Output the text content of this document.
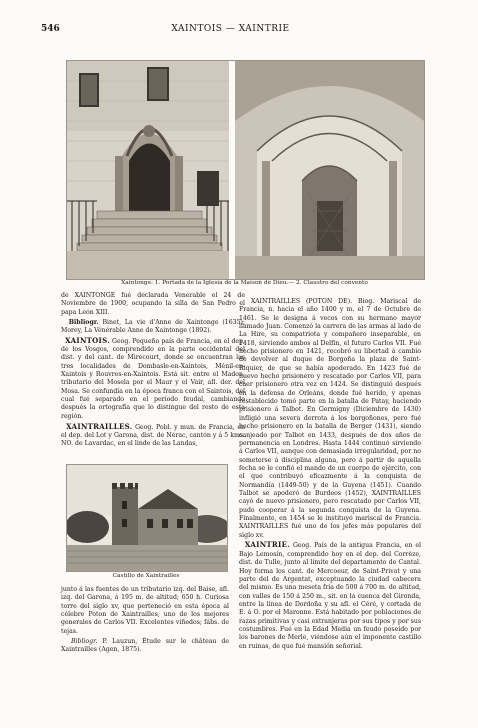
546	XAINTOIS — XAINTRIE
Xaintonge: 1. Portada de la Iglesia de la Maison de Dieu.— 2. Claustro del convento

de XAINTONGE fué declarada Venerable el 24 de Noviembre de 1900, ocupando la silla de San Pedro el papa León XIII.

Bibliogr. Binet, La vie d'Anne de Xaintonge (1635); Morey, La Vénérable Anne de Xaintonge (1892).

XAINTOIS. Geog. Pequeño país de Francia, en el dep. de los Vosgos, comprendido en la parte occidental del dist. y del cant. de Mirecourt, donde se encuentran las tres localidades de Dombasle-en-Xaintois, Ménil-en-Xaintois y Rouvres-en-Xaintois. Está sit. entre el Madon, tributario del Mosela por el Maur y el Vair, afl. der. del Mosa. Se confundía en la época franca con el Saintois, del cual fué separado en el período feudal, cambiando después la ortografía que lo distingue del resto de esta región.

XAINTRAILLES. Geog. Pobl. y mun. de Francia, en el dep. del Lot y Garona, dist. de Nérac, cantón y á 5 kms. NO. de Lavardac, en el linde de las Landas,

Castillo de Xaintrailles

junto á las fuentes de un tributario izq. del Baise, afl. izq. del Garona, á 195 m. de altitud; 650 h. Curiosa torre del siglo xv, que perteneció en esta época al célebre Poton de Xaintrailles, uno de los mejores generales de Carlos VII. Excelentes viñedos; fábs. de tejas.

Bibliogr. P. Lauzun, Étude sur le château de Xaintrailles (Agen, 1875).

XAINTRAILLES (POTON DE). Biog. Mariscal de Francia, n. hacia el año 1400 y m. el 7 de Octubre de 1461. Se le designa á veces con su hermano mayor llamado Juan. Comenzó la carrera de las armas al lado de La Hire, su compatriota y compañero inseparable, en 1418, sirviendo ambos al Delfín, el futuro Carlos VII. Fué hecho prisionero en 1421, recobró su libertad á cambio de devolver al duque de Borgoña la plaza de Saint-Riquier, de que se había apoderado. En 1423 fué de nuevo hecho prisionero y rescatado por Carlos VII, para caer prisionero otra vez en 1424. Se distinguió después en la defensa de Orleáns, donde fué herido, y apenas restablecido tomó parte en la batalla de Patay, haciendo prisionero á Talbot. En Germigny (Diciembre de 1430) infligió una severa derrota á los borgoñones, pero fué hecho prisionero en la batalla de Berger (1431), siendo canjeado por Talbot en 1433, después de dos años de permanencia en Londres. Hasta 1444 continuó sirviendo á Carlos VII, aunque con demasiada irregularidad, por no someterse á disciplina alguna, pero á partir de aquella fecha se le confió el mando de un cuerpo de ejército, con el que contribuyó eficazmente á la conquista de Normandía (1449-50) y de la Guyena (1451). Cuando Talbot se apoderó de Burdeos (1452), XAINTRAILLES cayó de nuevo prisionero, pero rescatado por Carlos VII, pudo cooperar á la segunda conquista de la Guyena. Finalmente, en 1454 se le instituyó mariscal de Francia. XAINTRAILLES fué uno de los jefes más populares del siglo xv.

XAINTRIE. Geog. País de la antigua Francia, en el Bajo Lemosín, comprendido hoy en el dep. del Corrèze, dist. de Tulle, junto al límite del departamento de Cantal. Hoy forma los cant. de Mercoeur, de Saint-Privat y una parte del de Argentat, exceptuando la ciudad cabecera del mismo. Es una meseta fría de 500 á 700 m. de altitud, con valles de 150 á 250 m., sit. en la cuenca del Gironda, entre la línea de Dordoña y su afl. el Céré, y cortada de E. á O. por el Maronne. Está habitado por poblaciones de razas primitivas y casi extranjeras por sus tipos y por sus costumbres. Fué en la Edad Media un feudo poseído por los barones de Merle, viéndose aún el imponente castillo en ruinas, de que fué mansión señorial.
